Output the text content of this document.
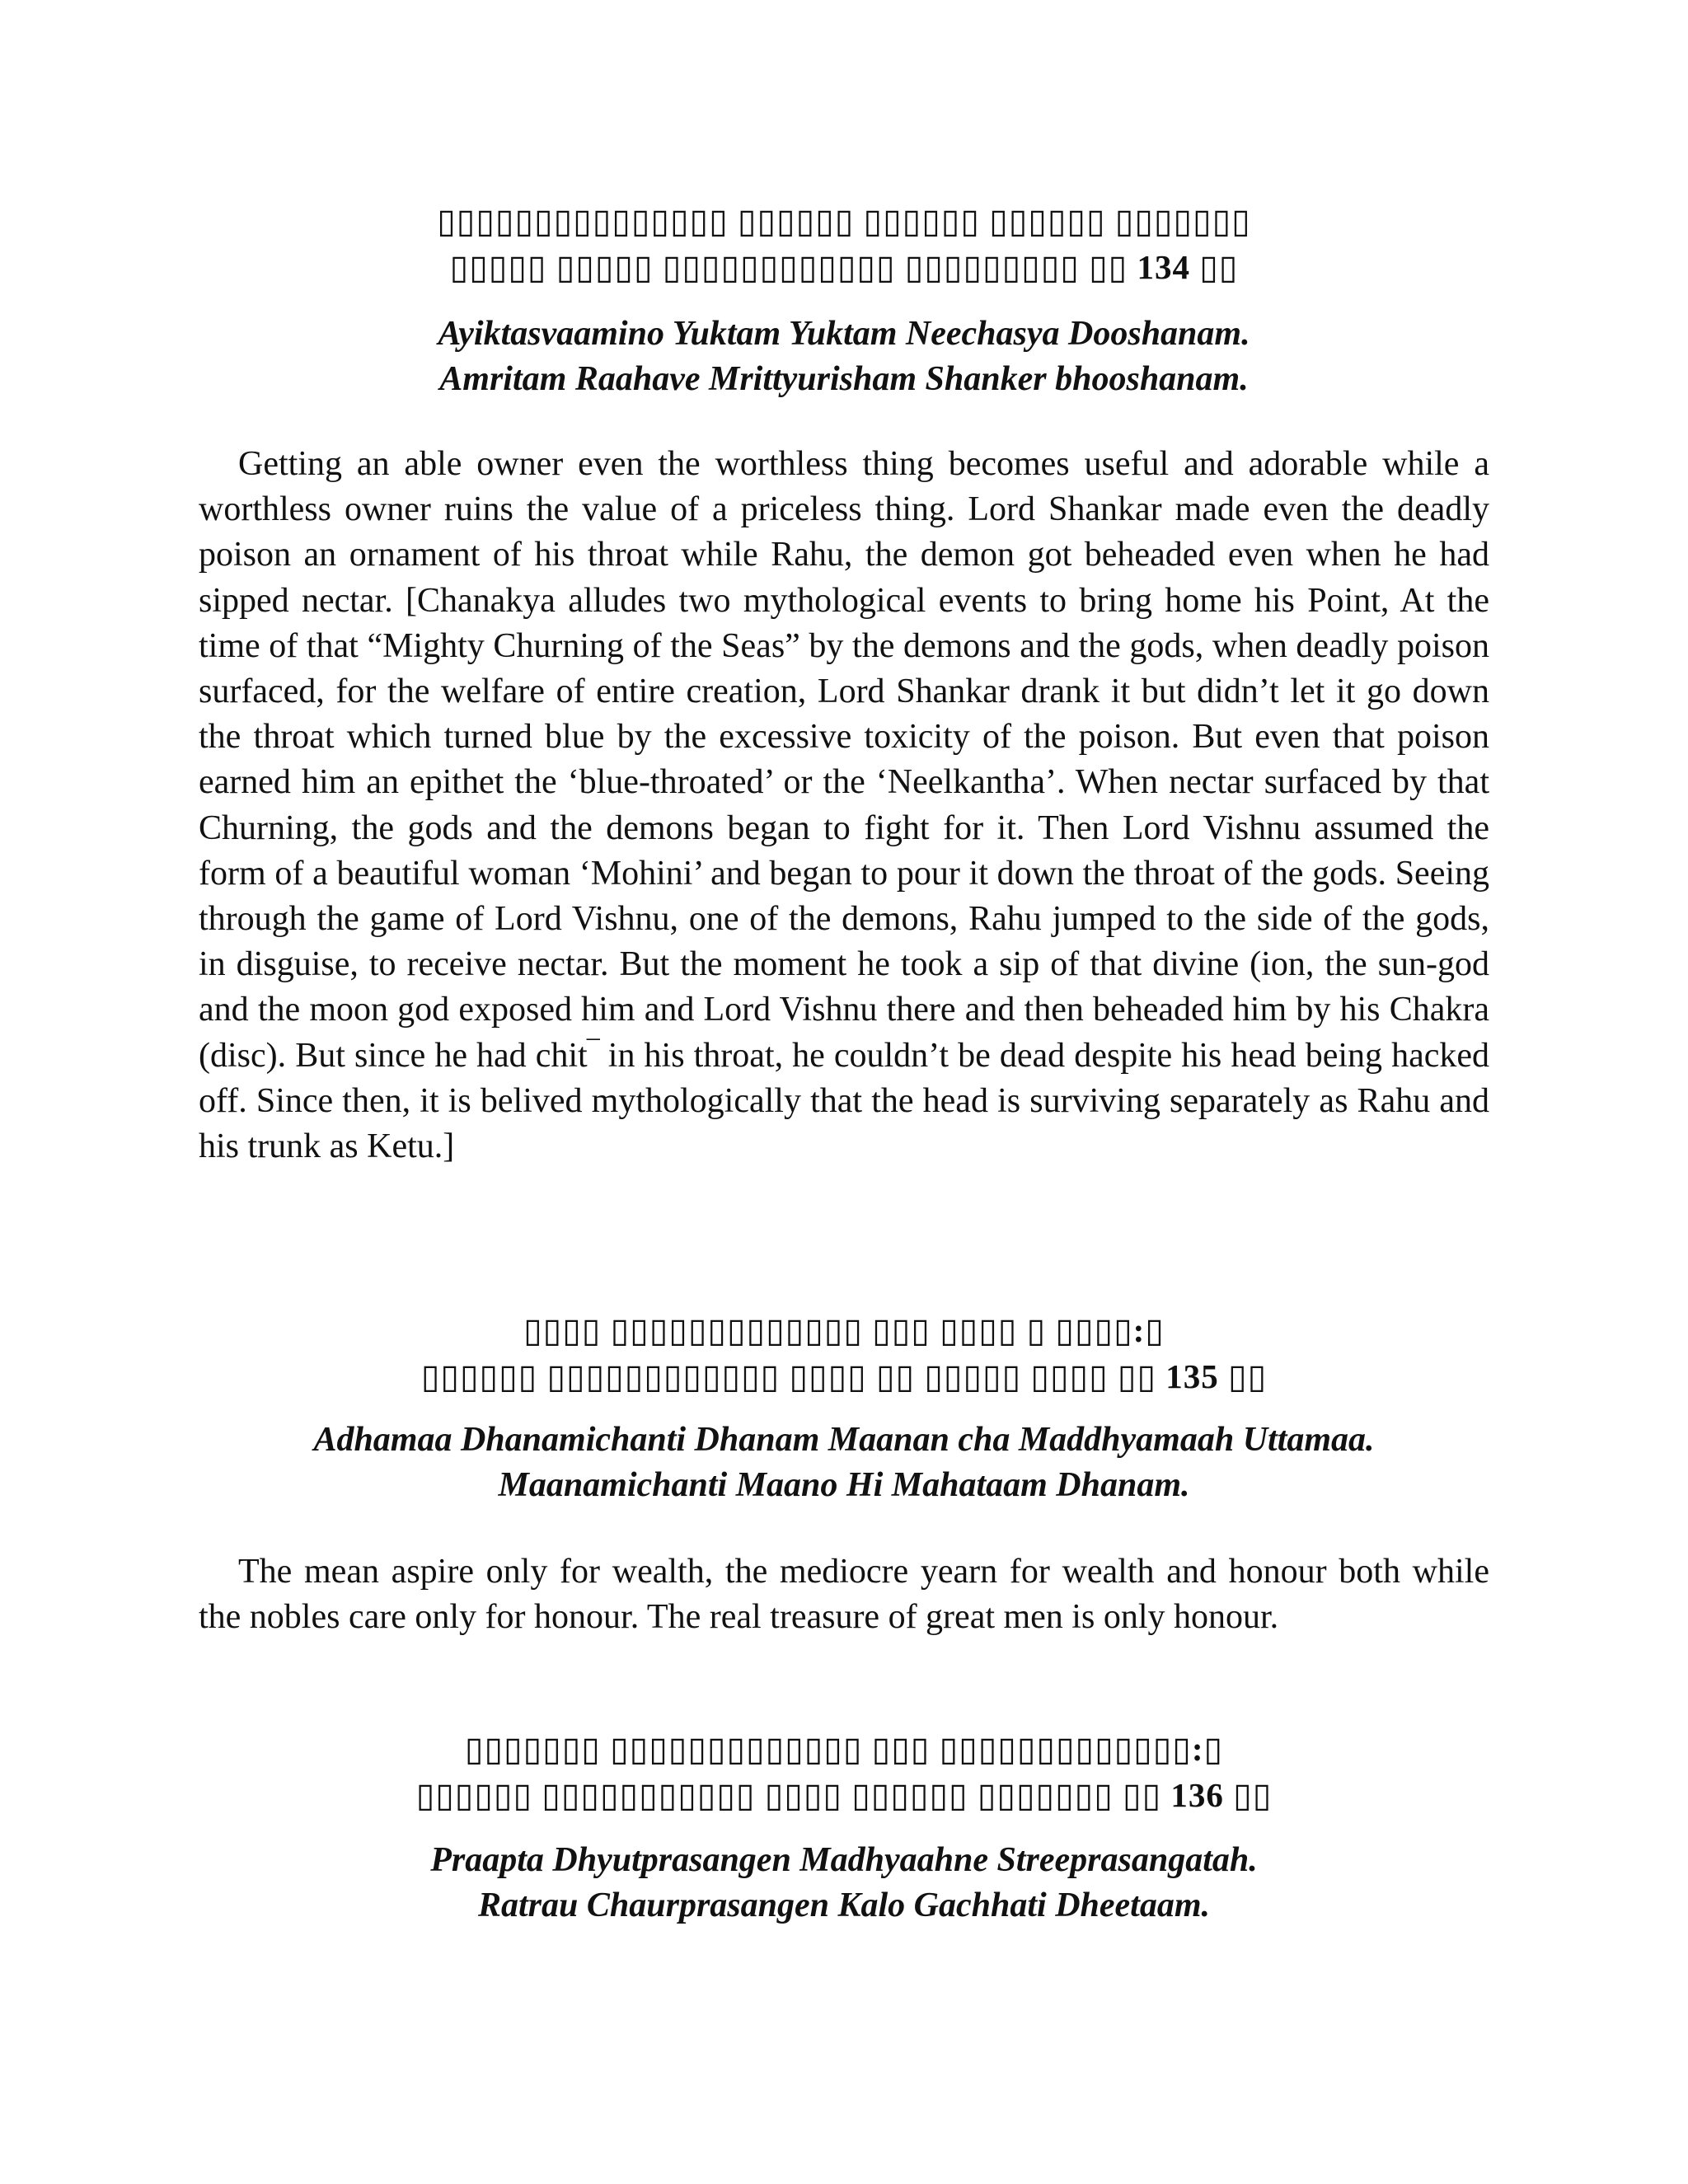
▯▯▯▯▯▯▯▯▯▯▯▯▯▯▯ ▯▯▯▯▯▯ ▯▯▯▯▯▯ ▯▯▯▯▯▯ ▯▯▯▯▯▯▯
▯▯▯▯▯ ▯▯▯▯▯ ▯▯▯▯▯▯▯▯▯▯▯▯ ▯▯▯▯▯▯▯▯▯ ▯▯ 134 ▯▯
Ayiktasvaamino Yuktam Yuktam Neechasya Dooshanam.
Amritam Raahave Mrittyurisham Shanker bhooshanam.

Getting an able owner even the worthless thing becomes useful and adorable while a worthless owner ruins the value of a priceless thing. Lord Shankar made even the deadly poison an ornament of his throat while Rahu, the demon got beheaded even when he had sipped nectar. [Chanakya alludes two mythological events to bring home his Point, At the time of that “Mighty Churning of the Seas” by the demons and the gods, when deadly poison surfaced, for the welfare of entire creation, Lord Shankar drank it but didn’t let it go down the throat which turned blue by the excessive toxicity of the poison. But even that poison earned him an epithet the ‘blue-throated’ or the ‘Neelkantha’. When nectar surfaced by that Churning, the gods and the demons began to fight for it. Then Lord Vishnu assumed the form of a beautiful woman ‘Mohini’ and began to pour it down the throat of the gods. Seeing through the game of Lord Vishnu, one of the demons, Rahu jumped to the side of the gods, in disguise, to receive nectar. But the moment he took a sip of that divine (ion, the sun-god and the moon god exposed him and Lord Vishnu there and then beheaded him by his Chakra (disc). But since he had chit‾ in his throat, he couldn’t be dead despite his head being hacked off. Since then, it is belived mythologically that the head is surviving separately as Rahu and his trunk as Ketu.]

▯▯▯▯ ▯▯▯▯▯▯▯▯▯▯▯▯▯ ▯▯▯ ▯▯▯▯ ▯ ▯▯▯▯:▯
▯▯▯▯▯▯ ▯▯▯▯▯▯▯▯▯▯▯▯ ▯▯▯▯ ▯▯ ▯▯▯▯▯ ▯▯▯▯ ▯▯ 135 ▯▯
Adhamaa Dhanamichanti Dhanam Maanan cha Maddhyamaah Uttamaa.
Maanamichanti Maano Hi Mahataam Dhanam.

The mean aspire only for wealth, the mediocre yearn for wealth and honour both while the nobles care only for honour. The real treasure of great men is only honour.

▯▯▯▯▯▯▯ ▯▯▯▯▯▯▯▯▯▯▯▯▯ ▯▯▯ ▯▯▯▯▯▯▯▯▯▯▯▯▯:▯
▯▯▯▯▯▯ ▯▯▯▯▯▯▯▯▯▯▯ ▯▯▯▯ ▯▯▯▯▯▯ ▯▯▯▯▯▯▯ ▯▯ 136 ▯▯
Praapta Dhyutprasangen Madhyaahne Streeprasangatah.
Ratrau Chaurprasangen Kalo Gachhati Dheetaam.
